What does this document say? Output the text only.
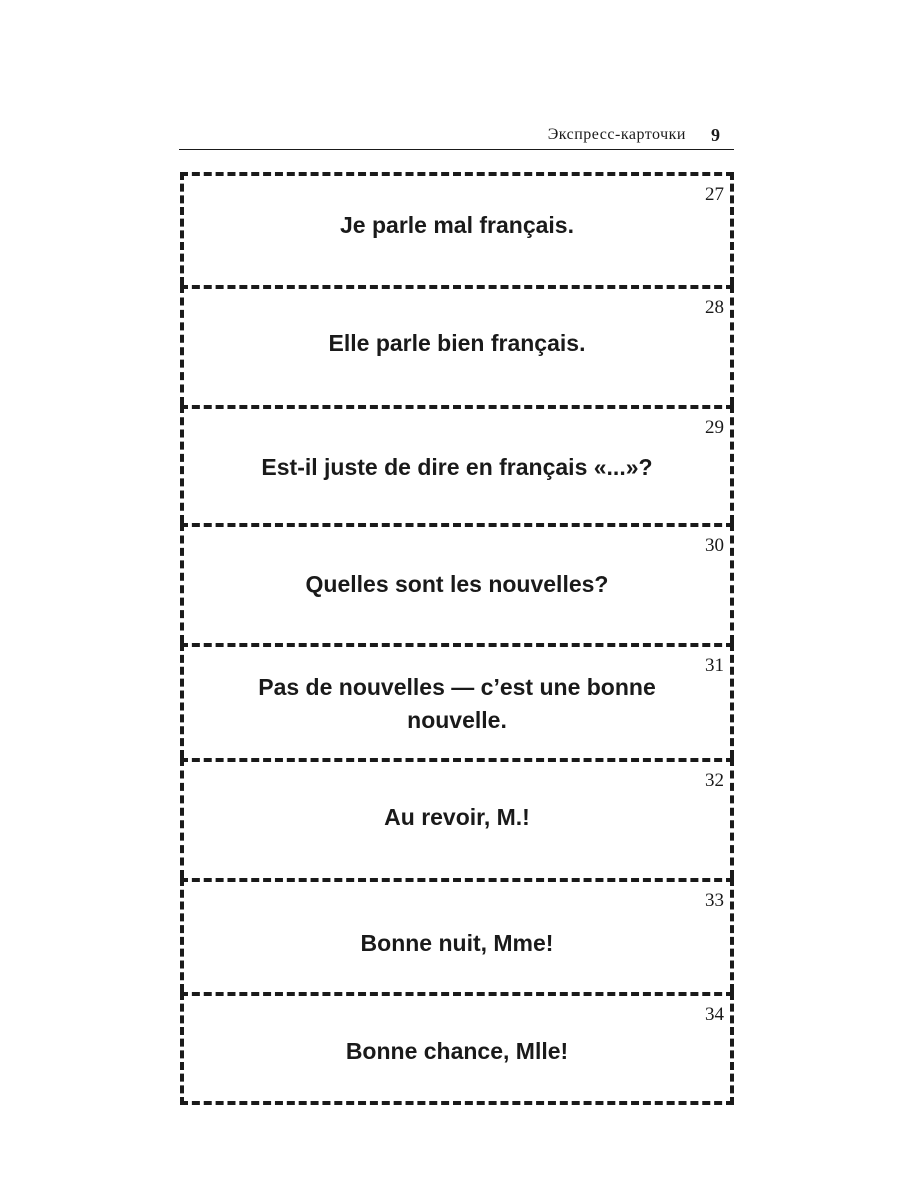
Экспресс-карточки 9
27
Je parle mal français.
28
Elle parle bien français.
29
Est-il juste de dire en français «...»?
30
Quelles sont les nouvelles?
31
Pas de nouvelles — c’est une bonne nouvelle.
32
Au revoir, M.!
33
Bonne nuit, Mme!
34
Bonne chance, Mlle!
